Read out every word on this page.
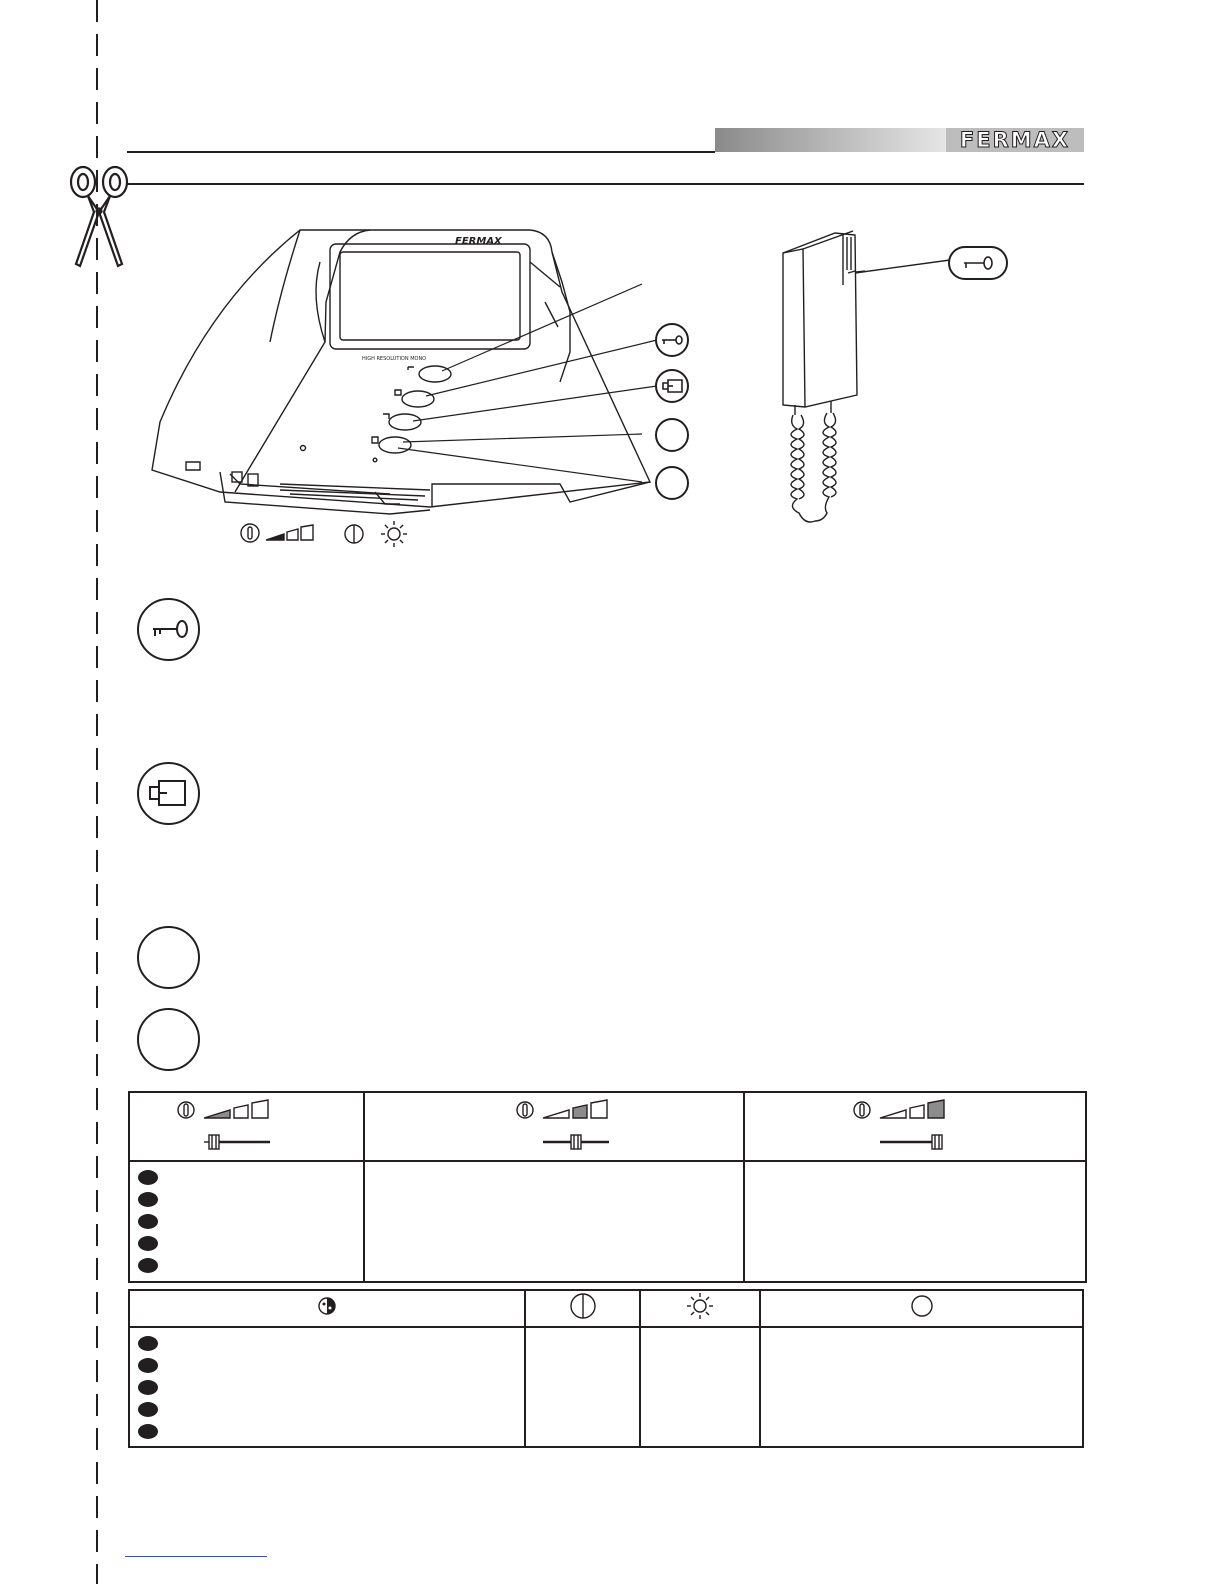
FERMAX
FERMAX
HIGH RESOLUTION MONO
